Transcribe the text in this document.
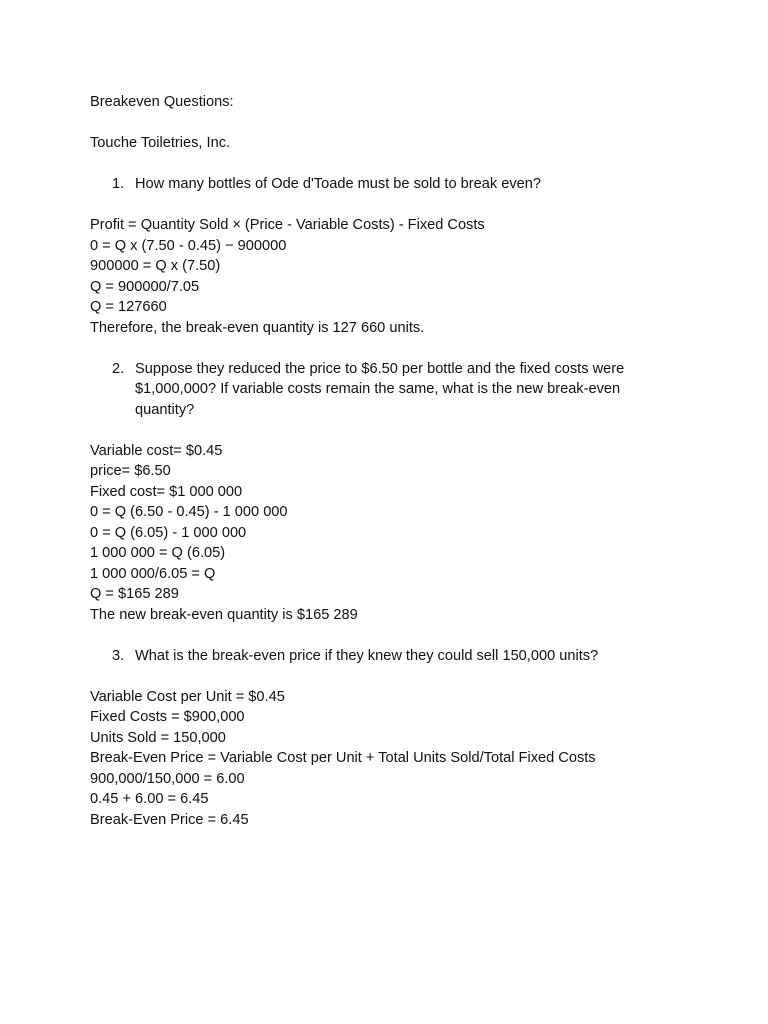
Breakeven Questions:
Touche Toiletries, Inc.
1. How many bottles of Ode d'Toade must be sold to break even?
Profit = Quantity Sold × (Price - Variable Costs) - Fixed Costs
0 = Q x (7.50 - 0.45) − 900000
900000 = Q x (7.50)
Q = 900000/7.05
Q = 127660
Therefore, the break-even quantity is 127 660 units.
2. Suppose they reduced the price to $6.50 per bottle and the fixed costs were $1,000,000? If variable costs remain the same, what is the new break-even quantity?
Variable cost= $0.45
price= $6.50
Fixed cost= $1 000 000
0 = Q (6.50 - 0.45) - 1 000 000
0 = Q (6.05) - 1 000 000
1 000 000 = Q (6.05)
1 000 000/6.05 = Q
Q = $165 289
The new break-even quantity is $165 289
3. What is the break-even price if they knew they could sell 150,000 units?
Variable Cost per Unit = $0.45
Fixed Costs = $900,000
Units Sold = 150,000
Break-Even Price = Variable Cost per Unit + Total Units Sold/Total Fixed Costs
900,000/150,000 = 6.00
0.45 + 6.00 = 6.45
Break-Even Price = 6.45
